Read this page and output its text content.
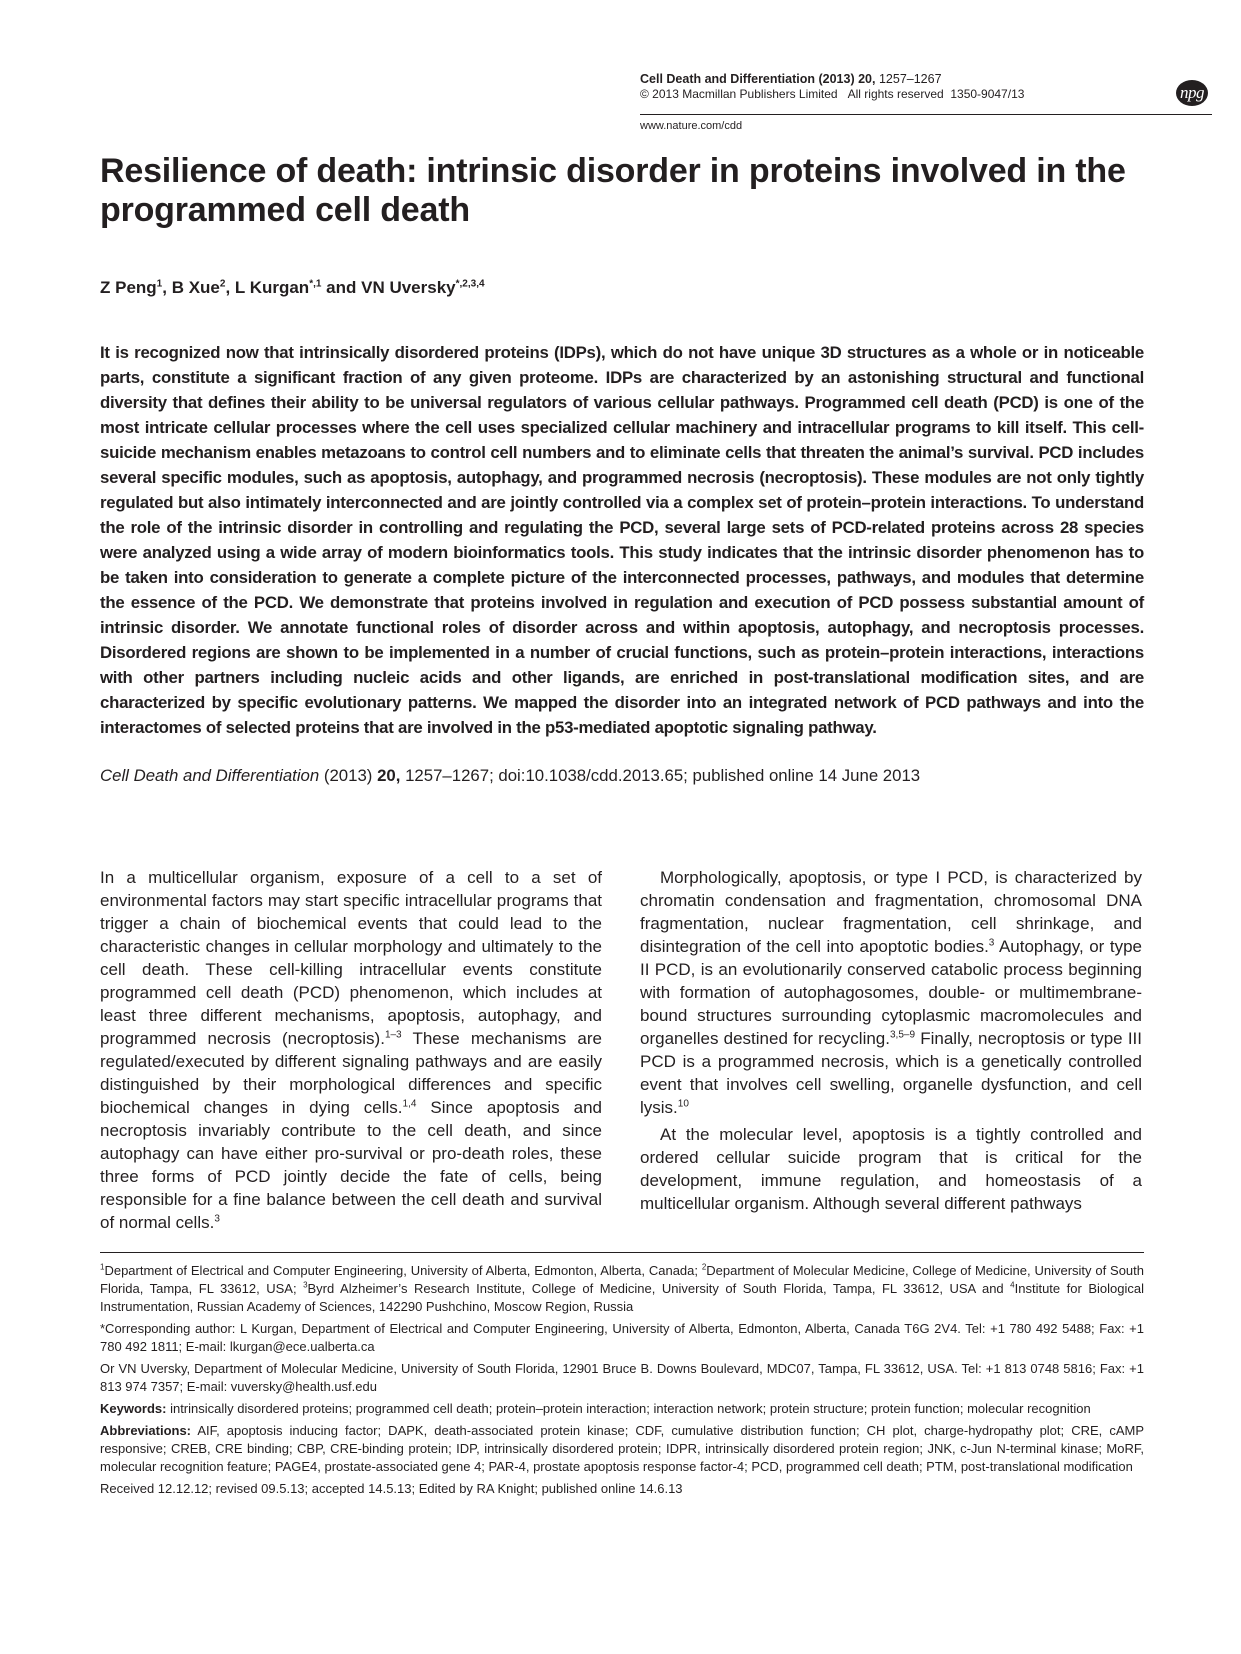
Cell Death and Differentiation (2013) 20, 1257–1267
© 2013 Macmillan Publishers Limited All rights reserved 1350-9047/13	npg
www.nature.com/cdd
Resilience of death: intrinsic disorder in proteins involved in the programmed cell death
Z Peng$^1$, B Xue$^2$, L Kurgan$^{*,1}$ and VN Uversky$^{*,2,3,4}$
It is recognized now that intrinsically disordered proteins (IDPs), which do not have unique 3D structures as a whole or in noticeable parts, constitute a significant fraction of any given proteome. IDPs are characterized by an astonishing structural and functional diversity that defines their ability to be universal regulators of various cellular pathways. Programmed cell death (PCD) is one of the most intricate cellular processes where the cell uses specialized cellular machinery and intracellular programs to kill itself. This cell-suicide mechanism enables metazoans to control cell numbers and to eliminate cells that threaten the animal’s survival. PCD includes several specific modules, such as apoptosis, autophagy, and programmed necrosis (necroptosis). These modules are not only tightly regulated but also intimately interconnected and are jointly controlled via a complex set of protein–protein interactions. To understand the role of the intrinsic disorder in controlling and regulating the PCD, several large sets of PCD-related proteins across 28 species were analyzed using a wide array of modern bioinformatics tools. This study indicates that the intrinsic disorder phenomenon has to be taken into consideration to generate a complete picture of the interconnected processes, pathways, and modules that determine the essence of the PCD. We demonstrate that proteins involved in regulation and execution of PCD possess substantial amount of intrinsic disorder. We annotate functional roles of disorder across and within apoptosis, autophagy, and necroptosis processes. Disordered regions are shown to be implemented in a number of crucial functions, such as protein–protein interactions, interactions with other partners including nucleic acids and other ligands, are enriched in post-translational modification sites, and are characterized by specific evolutionary patterns. We mapped the disorder into an integrated network of PCD pathways and into the interactomes of selected proteins that are involved in the p53-mediated apoptotic signaling pathway.
Cell Death and Differentiation (2013) 20, 1257–1267; doi:10.1038/cdd.2013.65; published online 14 June 2013

In a multicellular organism, exposure of a cell to a set of environmental factors may start specific intracellular programs that trigger a chain of biochemical events that could lead to the characteristic changes in cellular morphology and ultimately to the cell death. These cell-killing intracellular events constitute programmed cell death (PCD) phenomenon, which includes at least three different mechanisms, apoptosis, autophagy, and programmed necrosis (necroptosis).$^{1-3}$ These mechanisms are regulated/executed by different signaling pathways and are easily distinguished by their morphological differences and specific biochemical changes in dying cells.$^{1,4}$ Since apoptosis and necroptosis invariably contribute to the cell death, and since autophagy can have either pro-survival or pro-death roles, these three forms of PCD jointly decide the fate of cells, being responsible for a fine balance between the cell death and survival of normal cells.$^3$

Morphologically, apoptosis, or type I PCD, is characterized by chromatin condensation and fragmentation, chromosomal DNA fragmentation, nuclear fragmentation, cell shrinkage, and disintegration of the cell into apoptotic bodies.$^3$ Autophagy, or type II PCD, is an evolutionarily conserved catabolic process beginning with formation of autophagosomes, double- or multimembrane-bound structures surrounding cytoplasmic macromolecules and organelles destined for recycling.$^{3,5-9}$ Finally, necroptosis or type III PCD is a programmed necrosis, which is a genetically controlled event that involves cell swelling, organelle dysfunction, and cell lysis.$^{10}$

At the molecular level, apoptosis is a tightly controlled and ordered cellular suicide program that is critical for the development, immune regulation, and homeostasis of a multicellular organism. Although several different pathways

$^1$Department of Electrical and Computer Engineering, University of Alberta, Edmonton, Alberta, Canada; $^2$Department of Molecular Medicine, College of Medicine, University of South Florida, Tampa, FL 33612, USA; $^3$Byrd Alzheimer’s Research Institute, College of Medicine, University of South Florida, Tampa, FL 33612, USA and $^4$Institute for Biological Instrumentation, Russian Academy of Sciences, 142290 Pushchino, Moscow Region, Russia

*Corresponding author: L Kurgan, Department of Electrical and Computer Engineering, University of Alberta, Edmonton, Alberta, Canada T6G 2V4. Tel: +1 780 492 5488; Fax: +1 780 492 1811; E-mail: lkurgan@ece.ualberta.ca

Or VN Uversky, Department of Molecular Medicine, University of South Florida, 12901 Bruce B. Downs Boulevard, MDC07, Tampa, FL 33612, USA. Tel: +1 813 0748 5816; Fax: +1 813 974 7357; E-mail: vuversky@health.usf.edu

Keywords: intrinsically disordered proteins; programmed cell death; protein–protein interaction; interaction network; protein structure; protein function; molecular recognition

Abbreviations: AIF, apoptosis inducing factor; DAPK, death-associated protein kinase; CDF, cumulative distribution function; CH plot, charge-hydropathy plot; CRE, cAMP responsive; CREB, CRE binding; CBP, CRE-binding protein; IDP, intrinsically disordered protein; IDPR, intrinsically disordered protein region; JNK, c-Jun N-terminal kinase; MoRF, molecular recognition feature; PAGE4, prostate-associated gene 4; PAR-4, prostate apoptosis response factor-4; PCD, programmed cell death; PTM, post-translational modification

Received 12.12.12; revised 09.5.13; accepted 14.5.13; Edited by RA Knight; published online 14.6.13
